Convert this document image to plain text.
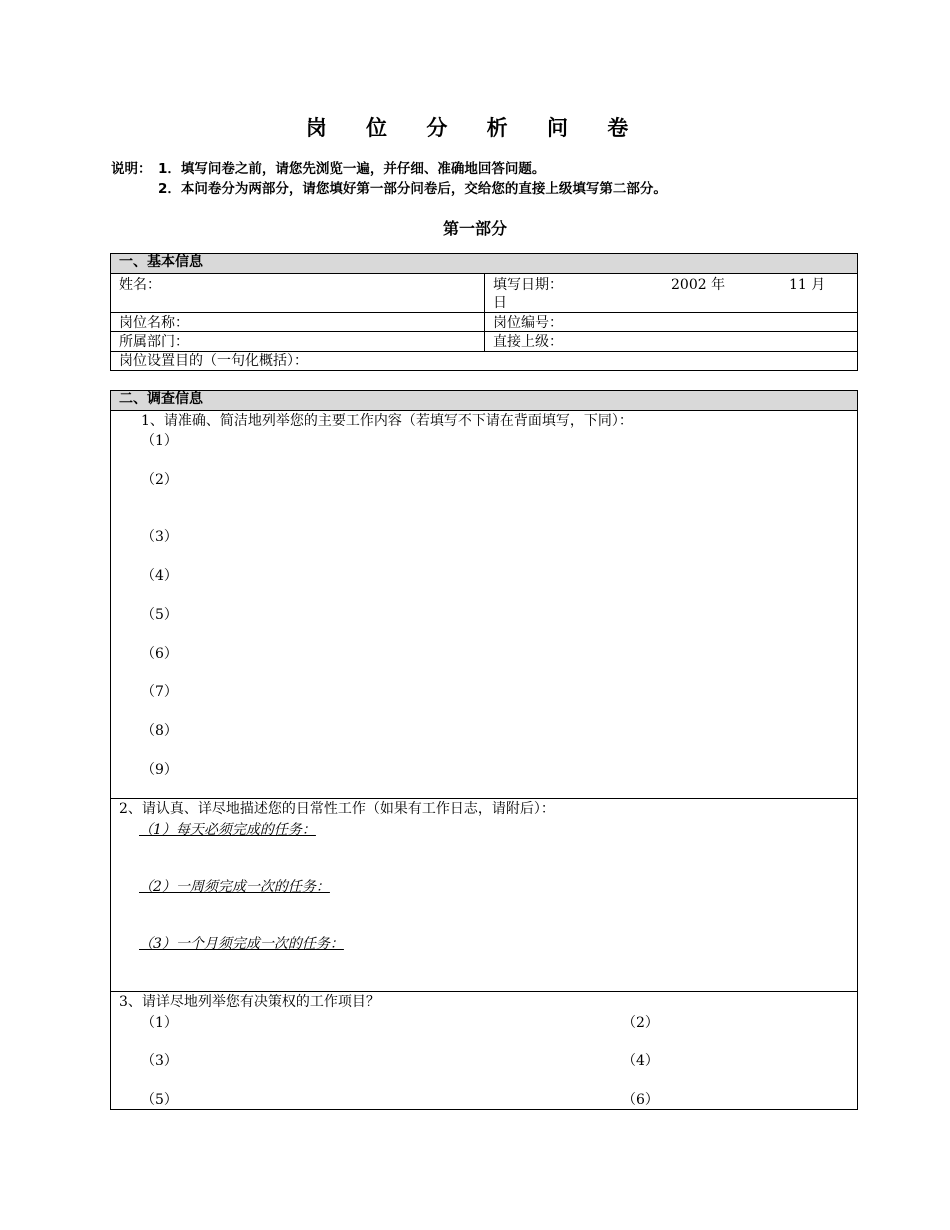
岗 位 分 析 问 卷
说明： 1．填写问卷之前，请您先浏览一遍，并仔细、准确地回答问题。
2．本问卷分为两部分，请您填好第一部分问卷后，交给您的直接上级填写第二部分。
第一部分
一、基本信息
姓名：	填写日期：	2002 年	11 月
日
岗位名称：	岗位编号：
所属部门：	直接上级：
岗位设置目的（一句化概括）：
二、调查信息
1、请准确、简洁地列举您的主要工作内容（若填写不下请在背面填写，下同）：
（1）
（2）
（3）
（4）
（5）
（6）
（7）
（8）
（9）
2、请认真、详尽地描述您的日常性工作（如果有工作日志，请附后）：
（1）每天必须完成的任务：
（2）一周须完成一次的任务：
（3）一个月须完成一次的任务：
3、请详尽地列举您有决策权的工作项目？
（1）	（2）
（3）	（4）
（5）	（6）
